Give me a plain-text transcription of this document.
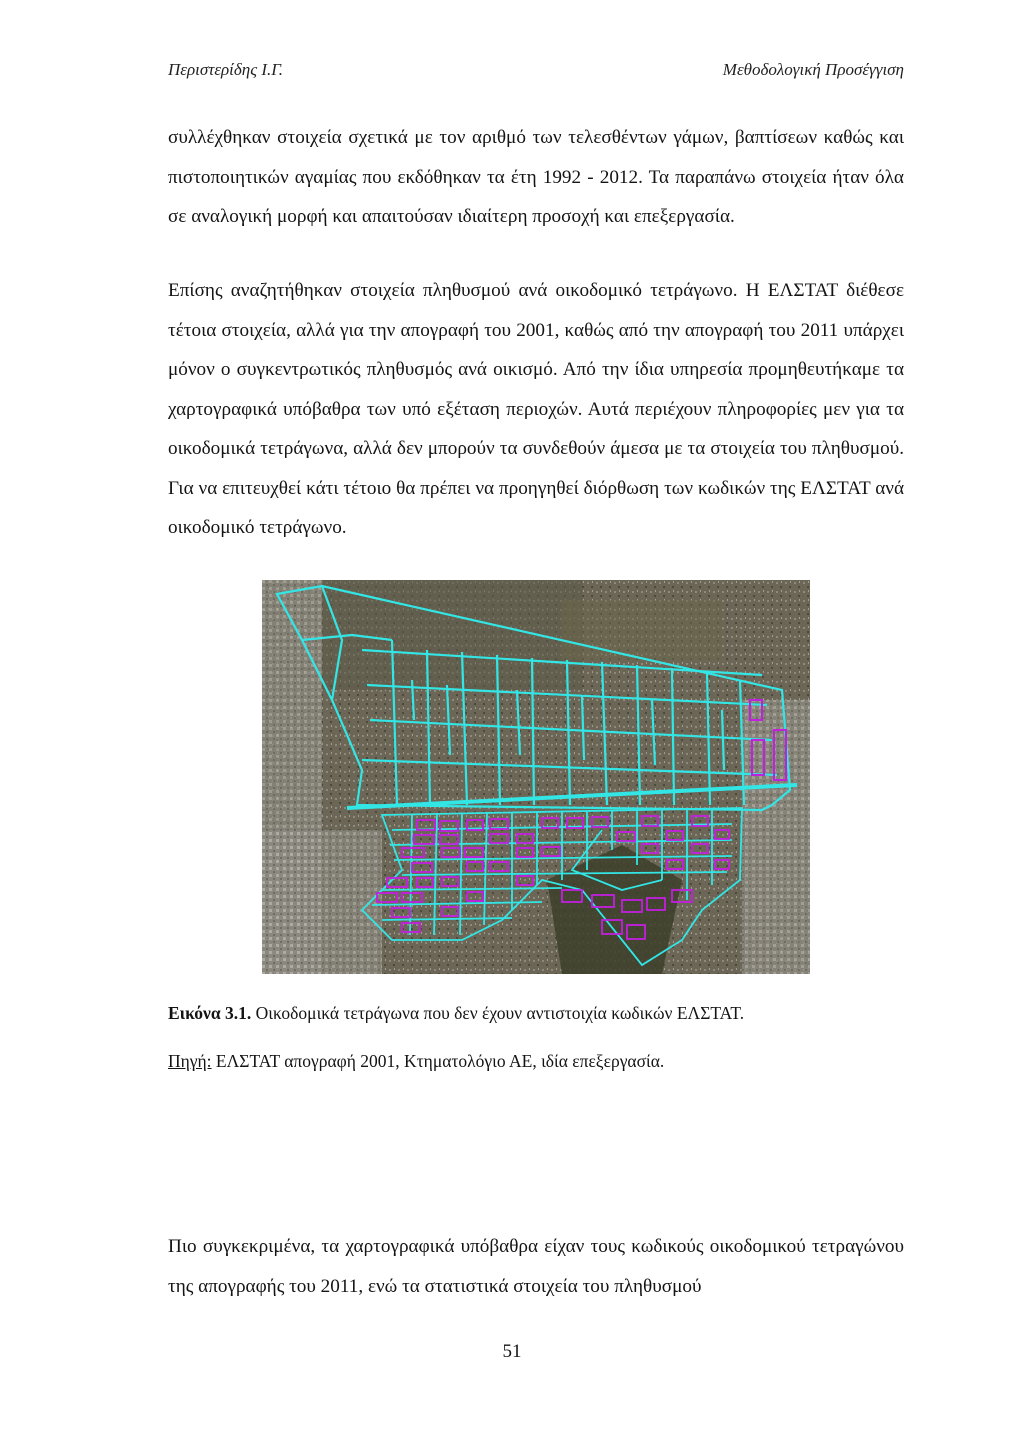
Περιστερίδης Ι.Γ.	Μεθοδολογική Προσέγγιση

συλλέχθηκαν στοιχεία σχετικά με τον αριθμό των τελεσθέντων γάμων, βαπτίσεων καθώς και πιστοποιητικών αγαμίας που εκδόθηκαν τα έτη 1992 - 2012. Τα παραπάνω στοιχεία ήταν όλα σε αναλογική μορφή και απαιτούσαν ιδιαίτερη προσοχή και επεξεργασία.

Επίσης αναζητήθηκαν στοιχεία πληθυσμού ανά οικοδομικό τετράγωνο. Η ΕΛΣΤΑΤ διέθεσε τέτοια στοιχεία, αλλά για την απογραφή του 2001, καθώς από την απογραφή του 2011 υπάρχει μόνον ο συγκεντρωτικός πληθυσμός ανά οικισμό. Από την ίδια υπηρεσία προμηθευτήκαμε τα χαρτογραφικά υπόβαθρα των υπό εξέταση περιοχών. Αυτά περιέχουν πληροφορίες μεν για τα οικοδομικά τετράγωνα, αλλά δεν μπορούν τα συνδεθούν άμεσα με τα στοιχεία του πληθυσμού. Για να επιτευχθεί κάτι τέτοιο θα πρέπει να προηγηθεί διόρθωση των κωδικών της ΕΛΣΤΑΤ ανά οικοδομικό τετράγωνο.

Εικόνα 3.1. Οικοδομικά τετράγωνα που δεν έχουν αντιστοιχία κωδικών ΕΛΣΤΑΤ.

Πηγή: ΕΛΣΤΑΤ απογραφή 2001, Κτηματολόγιο ΑΕ, ιδία επεξεργασία.

Πιο συγκεκριμένα, τα χαρτογραφικά υπόβαθρα είχαν τους κωδικούς οικοδομικού τετραγώνου της απογραφής του 2011, ενώ τα στατιστικά στοιχεία του πληθυσμού

51
